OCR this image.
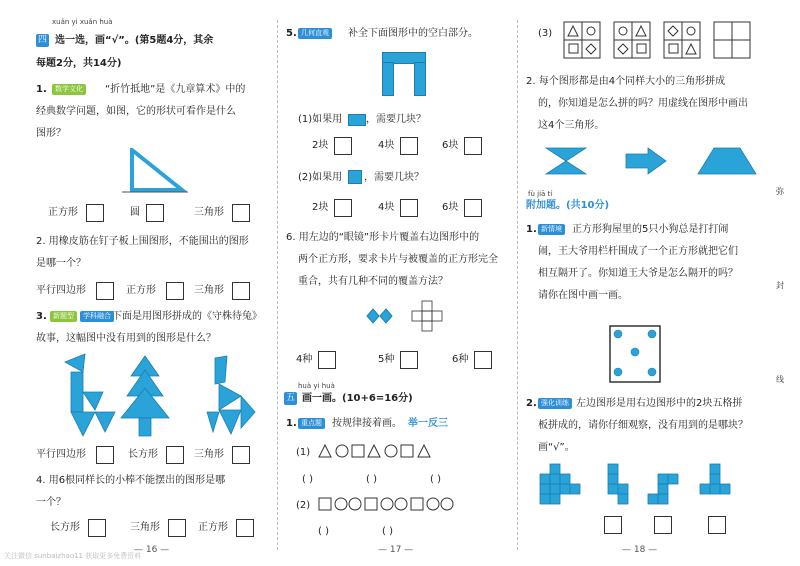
xuǎn yi xuǎn huà
四 选一选，画“√”。(第5题4分，其余
每题2分，共14分)
1.	数学文化	“折竹抵地”是《九章算术》中的
经典数学问题，如图，它的形状可看作是什么
图形？
正方形	圆	三角形
2. 用橡皮筋在钉子板上围图形，不能围出的图形
是哪一个？
平行四边形	正方形	三角形
3. 新题型	学科融合 下面是用图形拼成的《守株待兔》
故事，这幅图中没有用到的图形是什么？
平行四边形	长方形	三角形
4. 用6根同样长的小棒不能摆出的图形是哪
一个？
长方形	三角形	正方形
— 16 —
关注微信 sunbaizhao11 获取更多免费资料
5. 几何直观	补全下面图形中的空白部分。
(1)如果用 ，需要几块？
2块	4块	6块
(2)如果用 ，需要几块？
2块	4块	6块
6. 用左边的“眼镜”形卡片覆盖右边图形中的
两个正方形，要求卡片与被覆盖的正方形完全
重合，共有几种不同的覆盖方法？
4种	5种	6种
huà yi huà
五 画一画。(10+6=16分)
1. 重点题	按规律接着画。 举一反三
(1)
( )	( )	( )
(2)
( )	( )
— 17 —
(3)
2. 每个图形都是由4个同样大小的三角形拼成
的，你知道是怎么拼的吗？用虚线在图形中画出
这4个三角形。
fù jiā tí
附加题。(共10分)
1. 新情境	正方形狗屋里的5只小狗总是打打闹
闹，王大爷用栏杆围成了一个正方形就把它们
相互隔开了。你知道王大爷是怎么隔开的吗？
请你在图中画一画。
2. 强化训练 左边图形是用右边图形中的2块五格拼
板拼成的，请你仔细观察，没有用到的是哪块？
画“√”。
弥
封
线
— 18 —
